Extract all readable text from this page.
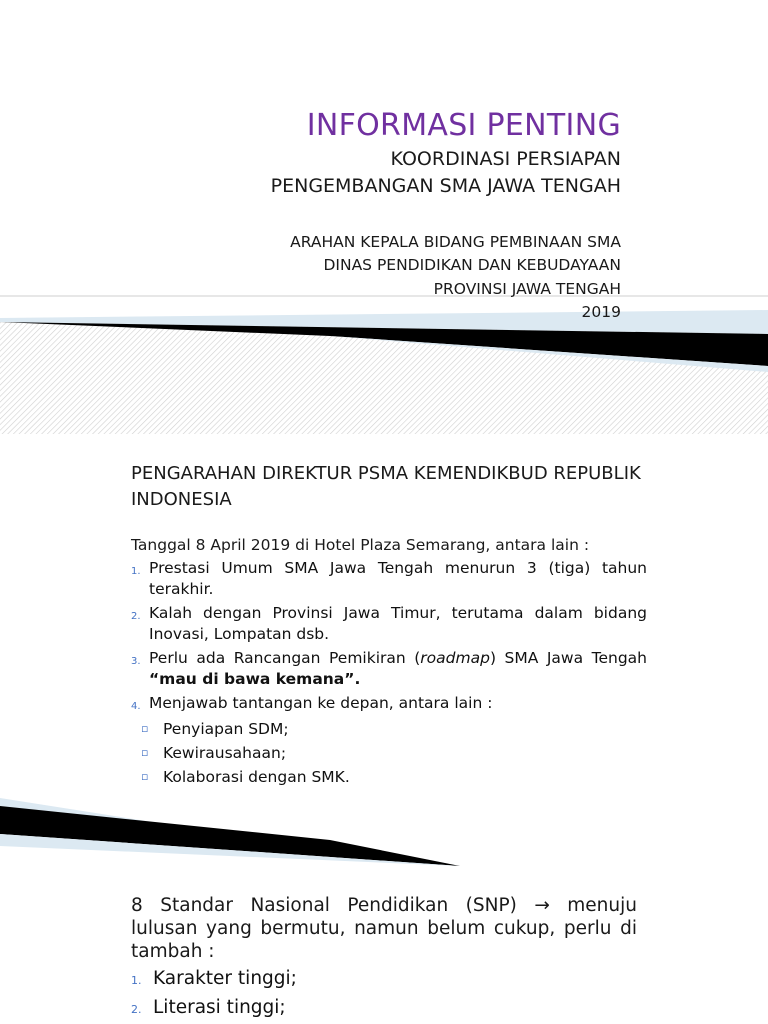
INFORMASI PENTING
KOORDINASI PERSIAPAN
PENGEMBANGAN SMA JAWA TENGAH
ARAHAN KEPALA BIDANG PEMBINAAN SMA
DINAS PENDIDIKAN DAN KEBUDAYAAN
PROVINSI JAWA TENGAH
2019
PENGARAHAN DIREKTUR PSMA KEMENDIKBUD REPUBLIK INDONESIA
Tanggal 8 April 2019 di Hotel Plaza Semarang, antara lain :
1. Prestasi Umum SMA Jawa Tengah menurun 3 (tiga) tahun terakhir.
2. Kalah dengan Provinsi Jawa Timur, terutama dalam bidang Inovasi, Lompatan dsb.
3. Perlu ada Rancangan Pemikiran (roadmap) SMA Jawa Tengah “mau di bawa kemana”.
4. Menjawab tantangan ke depan, antara lain :
▫ Penyiapan SDM;
▫ Kewirausahaan;
▫ Kolaborasi dengan SMK.
8 Standar Nasional Pendidikan (SNP) → menuju lulusan yang bermutu, namun belum cukup, perlu di tambah :
1. Karakter tinggi;
2. Literasi tinggi;
